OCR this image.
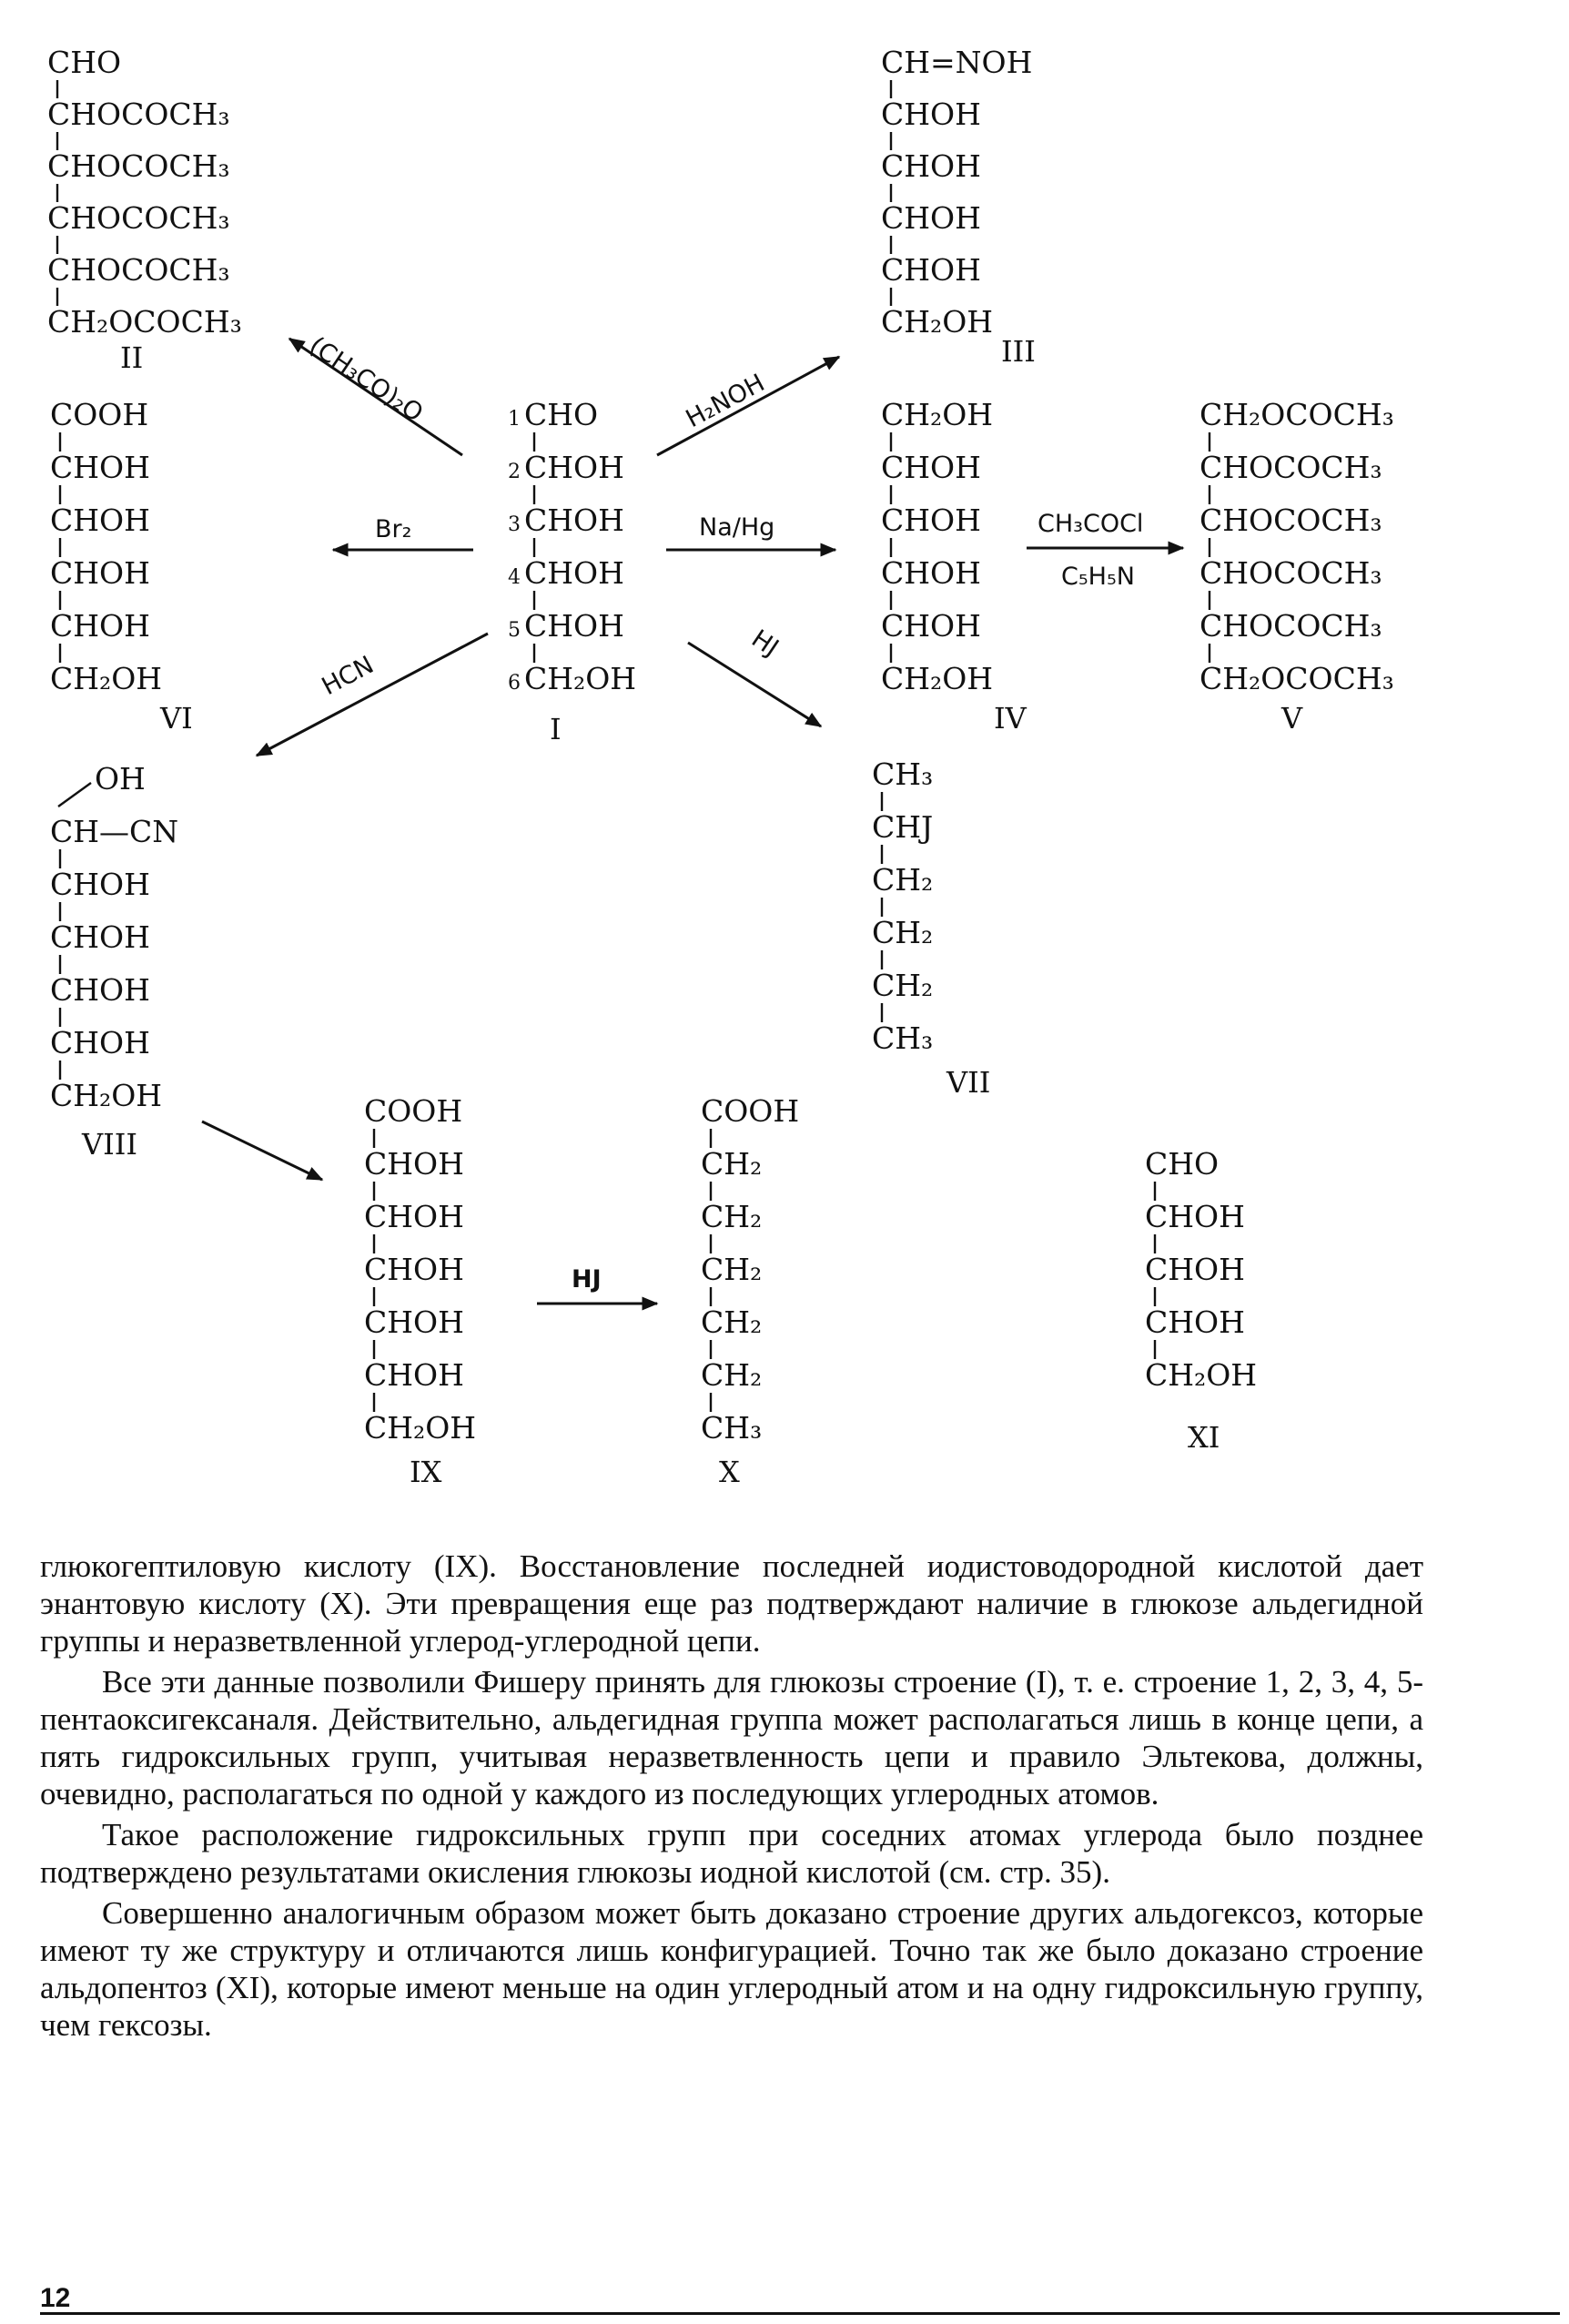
1
2
3
4
5
6
CHO
CHOH
CHOH
CHOH
CHOH
CH₂OH
I
CHO
CHOCOCH₃
CHOCOCH₃
CHOCOCH₃
CHOCOCH₃
CH₂OCOCH₃
II
CH=NOH
CHOH
CHOH
CHOH
CHOH
CH₂OH
III
CH₂OH
CHOH
CHOH
CHOH
CHOH
CH₂OH
IV
CH₂OCOCH₃
CHOCOCH₃
CHOCOCH₃
CHOCOCH₃
CHOCOCH₃
CH₂OCOCH₃
V
COOH
CHOH
CHOH
CHOH
CHOH
CH₂OH
VI
CH₃
CHJ
CH₂
CH₂
CH₂
CH₃
VII
OH
CH—CN
CHOH
CHOH
CHOH
CHOH
CH₂OH
VIII
COOH
CHOH
CHOH
CHOH
CHOH
CHOH
CH₂OH
IX
COOH
CH₂
CH₂
CH₂
CH₂
CH₂
CH₃
X
CHO
CHOH
CHOH
CHOH
CH₂OH
XI
(CH₃CO)₂O	H₂NOH
Br₂	Na/Hg	CH₃COCl
C₅H₅N
HCN
HJ
HJ

глюкогептиловую кислоту (IX). Восстановление последней иодистоводородной кислотой дает энантовую кислоту (X). Эти превращения еще раз подтверждают наличие в глюкозе альдегидной группы и неразветвленной углерод-углеродной цепи.

Все эти данные позволили Фишеру принять для глюкозы строение (I), т. е. строение 1, 2, 3, 4, 5-пентаоксигексаналя. Действительно, альдегидная группа может располагаться лишь в конце цепи, а пять гидроксильных групп, учитывая неразветвленность цепи и правило Эльтекова, должны, очевидно, располагаться по одной у каждого из последующих углеродных атомов.

Такое расположение гидроксильных групп при соседних атомах углерода было позднее подтверждено результатами окисления глюкозы иодной кислотой (см. стр. 35).

Совершенно аналогичным образом может быть доказано строение других альдогексоз, которые имеют ту же структуру и отличаются лишь конфигурацией. Точно так же было доказано строение альдопентоз (XI), которые имеют меньше на один углеродный атом и на одну гидроксильную группу, чем гексозы.

12
